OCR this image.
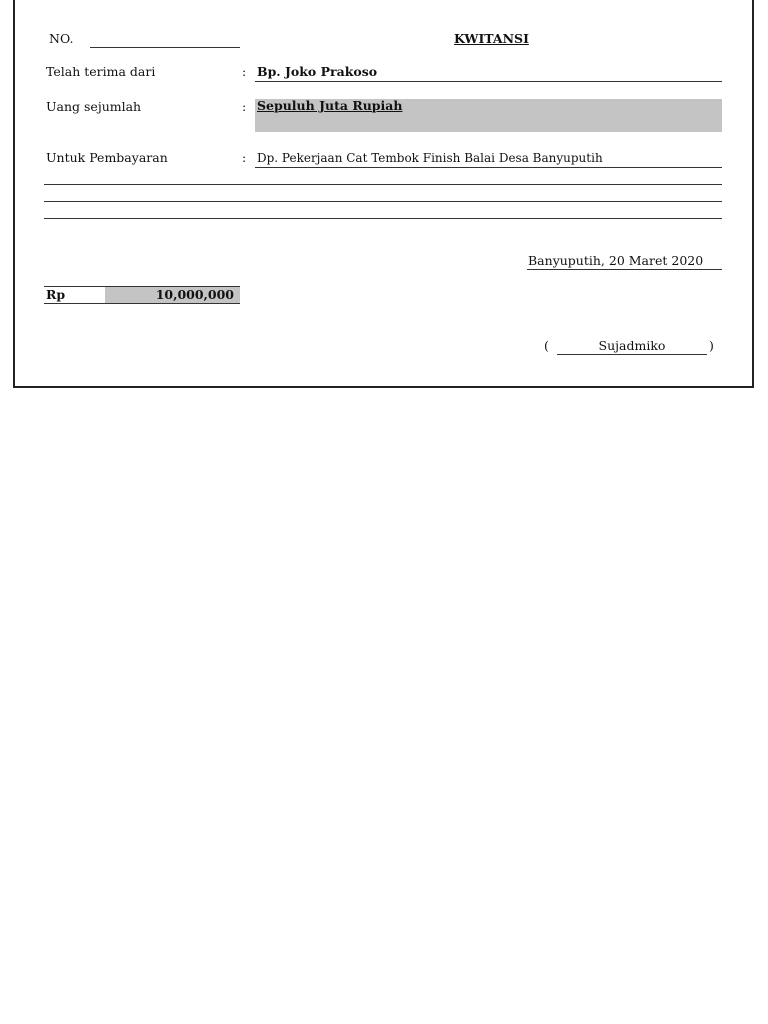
NO.	KWITANSI
Telah terima dari	: Bp. Joko Prakoso
Uang sejumlah	: Sepuluh Juta Rupiah
Untuk Pembayaran	: Dp. Pekerjaan Cat Tembok Finish Balai Desa Banyuputih
Banyuputih, 20 Maret 2020
Rp	10,000,000
(	Sujadmiko	)
